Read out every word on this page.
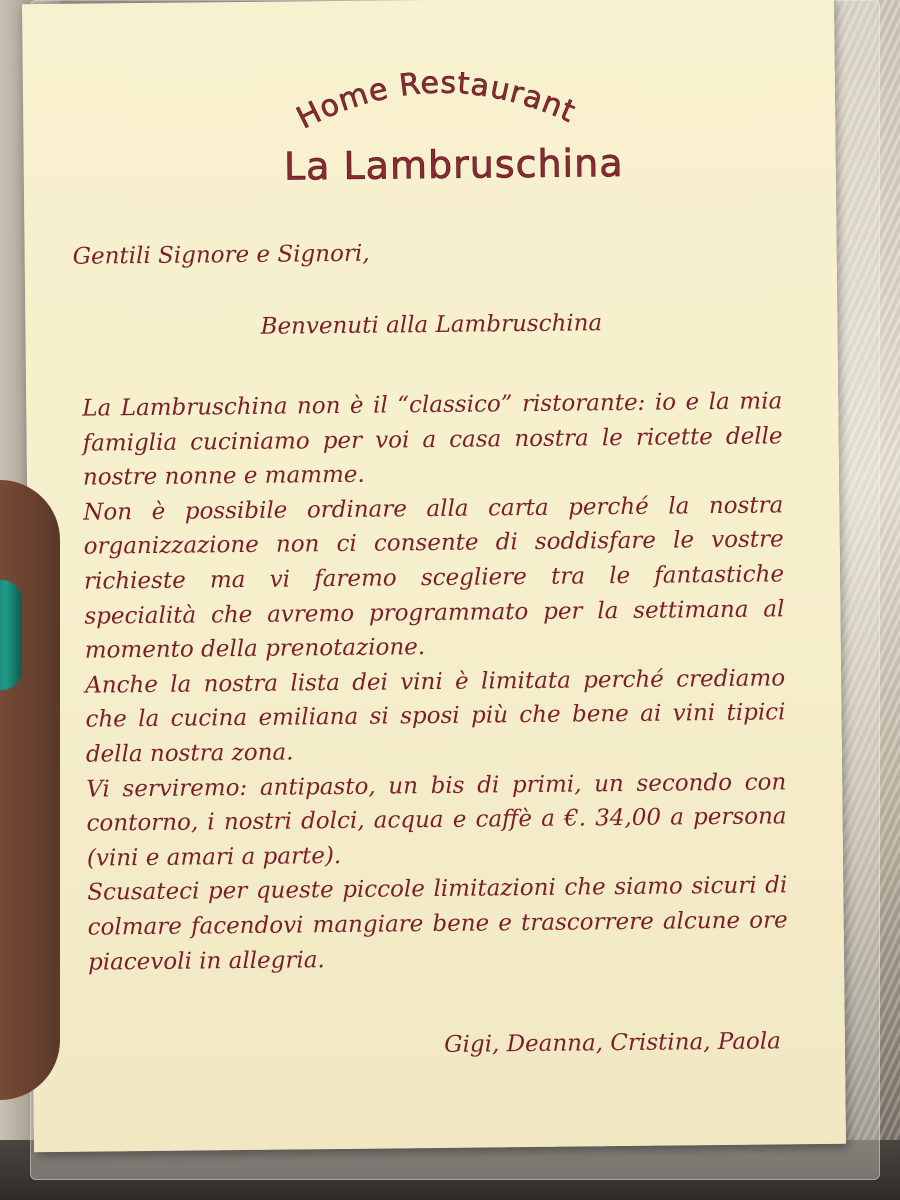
Home Restaurant
La Lambruschina
Gentili Signore e Signori,
Benvenuti alla Lambruschina

La Lambruschina non è il “classico” ristorante: io e la mia famiglia cuciniamo per voi a casa nostra le ricette delle nostre nonne e mamme.

Non è possibile ordinare alla carta perché la nostra organizzazione non ci consente di soddisfare le vostre richieste ma vi faremo scegliere tra le fantastiche specialità che avremo programmato per la settimana al momento della prenotazione.

Anche la nostra lista dei vini è limitata perché crediamo che la cucina emiliana si sposi più che bene ai vini tipici della nostra zona.

Vi serviremo: antipasto, un bis di primi, un secondo con contorno, i nostri dolci, acqua e caffè a €. 34,00 a persona (vini e amari a parte).

Scusateci per queste piccole limitazioni che siamo sicuri di colmare facendovi mangiare bene e trascorrere alcune ore piacevoli in allegria.

Gigi, Deanna, Cristina, Paola
